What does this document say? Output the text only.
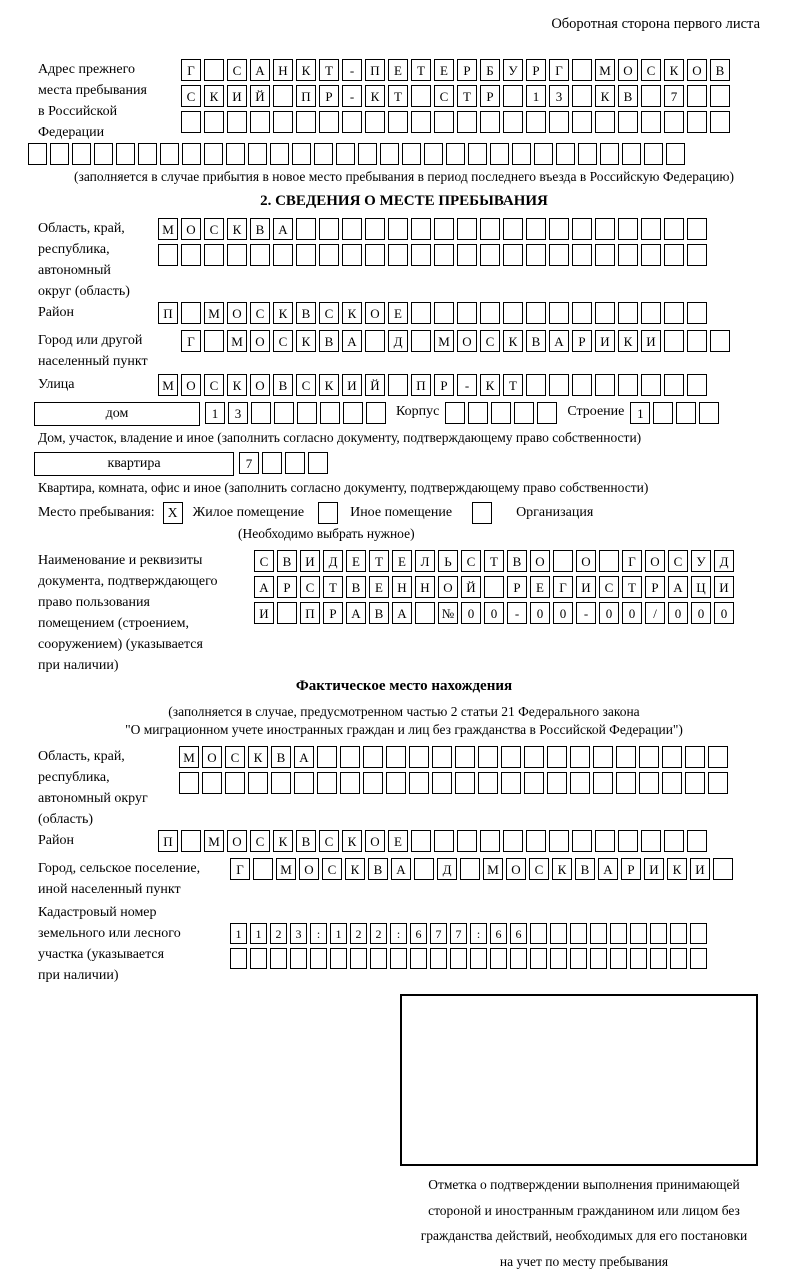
Оборотная сторона первого листа
Адрес прежнего
места пребывания
в Российской
Федерации
Г	С	А	Н	К	Т	-	П	Е	Т	Е	Р	Б	У	Р	Г	М О	С	К	О	В
С	К	И	Й	П	Р	-	К	Т	С	Т	Р	1	3	К	В	7
(заполняется в случае прибытия в новое место пребывания в период последнего въезда в Российскую Федерацию)
2. СВЕДЕНИЯ О МЕСТЕ ПРЕБЫВАНИЯ
Область, край,
республика,
автономный
округ (область)
М О	С	К	В	А
Район	П	М О	С	К	В	С	К	О	Е
Город или другой
населенный пункт
Г	М О	С	К	В	А	Д	М О	С	К	В	А	Р	И	К	И
Улица	М О	С	К	О	В	С	К	И	Й	П	Р	-	К	Т
дом	1	3	Корпус	Строение 1
Дом, участок, владение и иное (заполнить согласно документу, подтверждающему право собственности)
квартира	7
Квартира, комната, офис и иное (заполнить согласно документу, подтверждающему право собственности)
Место пребывания: X Жилое помещение	Иное помещение	Организация
(Необходимо выбрать нужное)
Наименование и реквизиты
документа, подтверждающего
право пользования
помещением (строением,
сооружением) (указывается
при наличии)
С	В	И	Д	Е	Т	Е	Л	Ь	С	Т	В	О	О	Г	О	С	У	Д
А	Р	С	Т	В	Е	Н	Н	О	Й	Р	Е	Г	И	С	Т	Р	А	Ц	И
И	П	Р	А	В	А	№	0	0	-	0	0	-	0	0	/	0	0	0
Фактическое место нахождения
(заполняется в случае, предусмотренном частью 2 статьи 21 Федерального закона
"О миграционном учете иностранных граждан и лиц без гражданства в Российской Федерации")
Область, край,
республика,
автономный округ
(область)
М О	С	К	В	А
Район	П	М О	С	К	В	С	К	О	Е
Город, сельское поселение,
иной населенный пункт
Г	М О	С	К	В	А	Д	М О	С	К	В	А	Р	И	К	И
Кадастровый номер
земельного или лесного
участка (указывается
при наличии)
1	1	2	3	:	1	2	2	:	6	7	7	:	6	6
Отметка о подтверждении выполнения принимающей
стороной и иностранным гражданином или лицом без
гражданства действий, необходимых для его постановки
на учет по месту пребывания
